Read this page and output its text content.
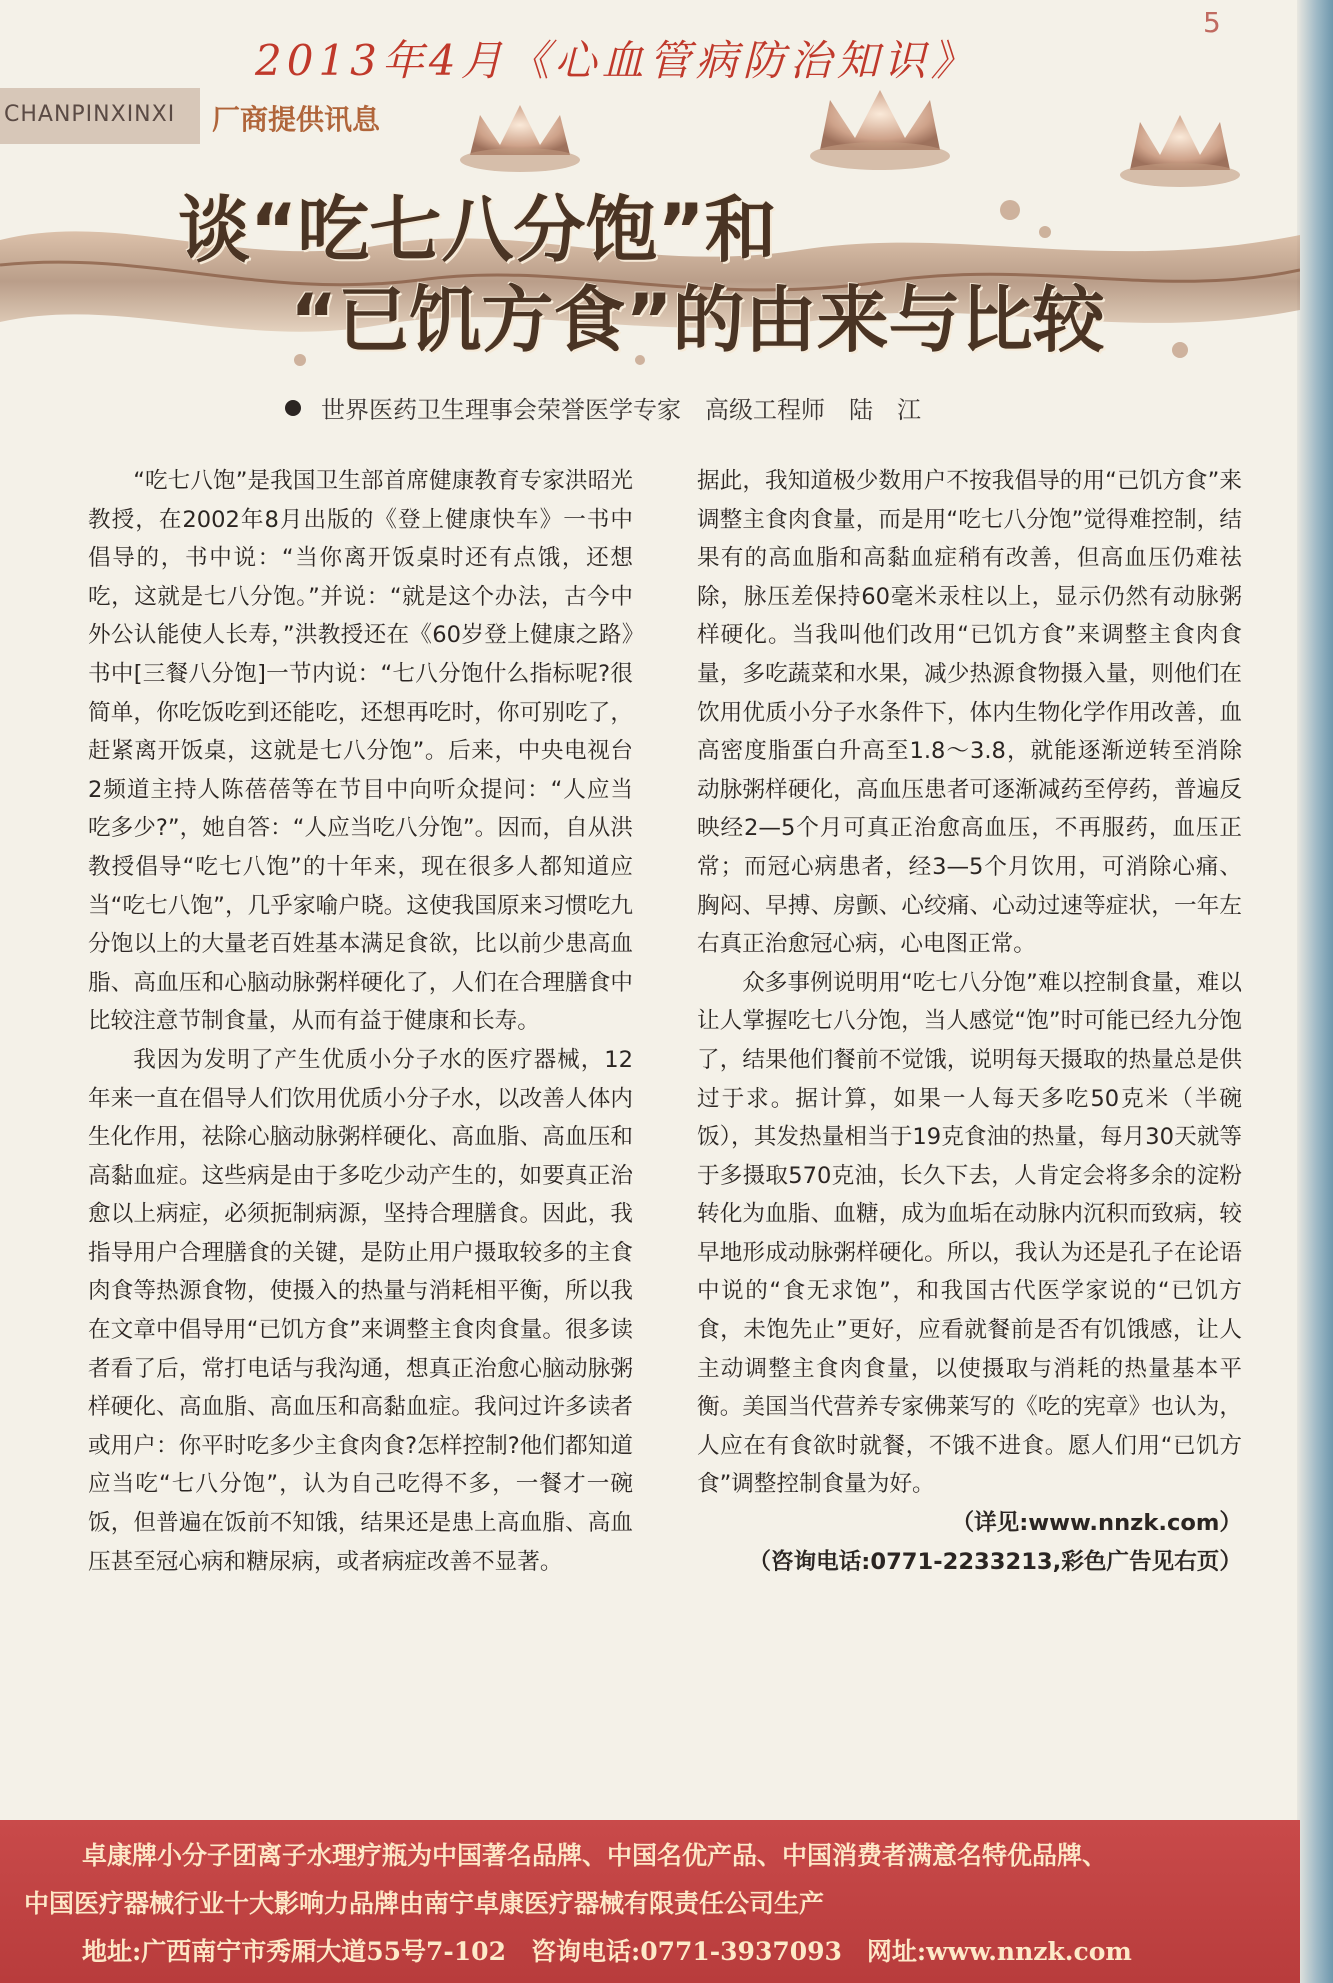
2013年4月《心血管病防治知识》
5
CHANPINXINXI 厂商提供讯息
谈“吃七八分饱”和
“已饥方食”的由来与比较
世界医药卫生理事会荣誉医学专家　高级工程师　陆　江

“吃七八饱”是我国卫生部首席健康教育专家洪昭光教授，在2002年8月出版的《登上健康快车》一书中倡导的，书中说：“当你离开饭桌时还有点饿，还想吃，这就是七八分饱。”并说：“就是这个办法，古今中外公认能使人长寿，”洪教授还在《60岁登上健康之路》书中[三餐八分饱]一节内说：“七八分饱什么指标呢?很简单，你吃饭吃到还能吃，还想再吃时，你可别吃了，赶紧离开饭桌，这就是七八分饱”。后来，中央电视台2频道主持人陈蓓蓓等在节目中向听众提问：“人应当吃多少?”，她自答：“人应当吃八分饱”。因而，自从洪教授倡导“吃七八饱”的十年来，现在很多人都知道应当“吃七八饱”，几乎家喻户晓。这使我国原来习惯吃九分饱以上的大量老百姓基本满足食欲，比以前少患高血脂、高血压和心脑动脉粥样硬化了，人们在合理膳食中比较注意节制食量，从而有益于健康和长寿。

我因为发明了产生优质小分子水的医疗器械，12年来一直在倡导人们饮用优质小分子水，以改善人体内生化作用，祛除心脑动脉粥样硬化、高血脂、高血压和高黏血症。这些病是由于多吃少动产生的，如要真正治愈以上病症，必须扼制病源，坚持合理膳食。因此，我指导用户合理膳食的关键，是防止用户摄取较多的主食肉食等热源食物，使摄入的热量与消耗相平衡，所以我在文章中倡导用“已饥方食”来调整主食肉食量。很多读者看了后，常打电话与我沟通，想真正治愈心脑动脉粥样硬化、高血脂、高血压和高黏血症。我问过许多读者或用户：你平时吃多少主食肉食?怎样控制?他们都知道应当吃“七八分饱”，认为自己吃得不多，一餐才一碗饭，但普遍在饭前不知饿，结果还是患上高血脂、高血压甚至冠心病和糖尿病，或者病症改善不显著。

据此，我知道极少数用户不按我倡导的用“已饥方食”来调整主食肉食量，而是用“吃七八分饱”觉得难控制，结果有的高血脂和高黏血症稍有改善，但高血压仍难祛除，脉压差保持60毫米汞柱以上，显示仍然有动脉粥样硬化。当我叫他们改用“已饥方食”来调整主食肉食量，多吃蔬菜和水果，减少热源食物摄入量，则他们在饮用优质小分子水条件下，体内生物化学作用改善，血高密度脂蛋白升高至1.8～3.8，就能逐渐逆转至消除动脉粥样硬化，高血压患者可逐渐减药至停药，普遍反映经2—5个月可真正治愈高血压，不再服药，血压正常；而冠心病患者，经3—5个月饮用，可消除心痛、胸闷、早搏、房颤、心绞痛、心动过速等症状，一年左右真正治愈冠心病，心电图正常。

众多事例说明用“吃七八分饱”难以控制食量，难以让人掌握吃七八分饱，当人感觉“饱”时可能已经九分饱了，结果他们餐前不觉饿，说明每天摄取的热量总是供过于求。据计算，如果一人每天多吃50克米（半碗饭），其发热量相当于19克食油的热量，每月30天就等于多摄取570克油，长久下去，人肯定会将多余的淀粉转化为血脂、血糖，成为血垢在动脉内沉积而致病，较早地形成动脉粥样硬化。所以，我认为还是孔子在论语中说的“食无求饱”，和我国古代医学家说的“已饥方食，未饱先止”更好，应看就餐前是否有饥饿感，让人主动调整主食肉食量，以使摄取与消耗的热量基本平衡。美国当代营养专家佛莱写的《吃的宪章》也认为，人应在有食欲时就餐，不饿不进食。愿人们用“已饥方食”调整控制食量为好。

（详见:www.nnzk.com）

（咨询电话:0771-2233213,彩色广告见右页）

卓康牌小分子团离子水理疗瓶为中国著名品牌、中国名优产品、中国消费者满意名特优品牌、
中国医疗器械行业十大影响力品牌由南宁卓康医疗器械有限责任公司生产
地址:广西南宁市秀厢大道55号7-102　咨询电话:0771-3937093　网址:www.nnzk.com
